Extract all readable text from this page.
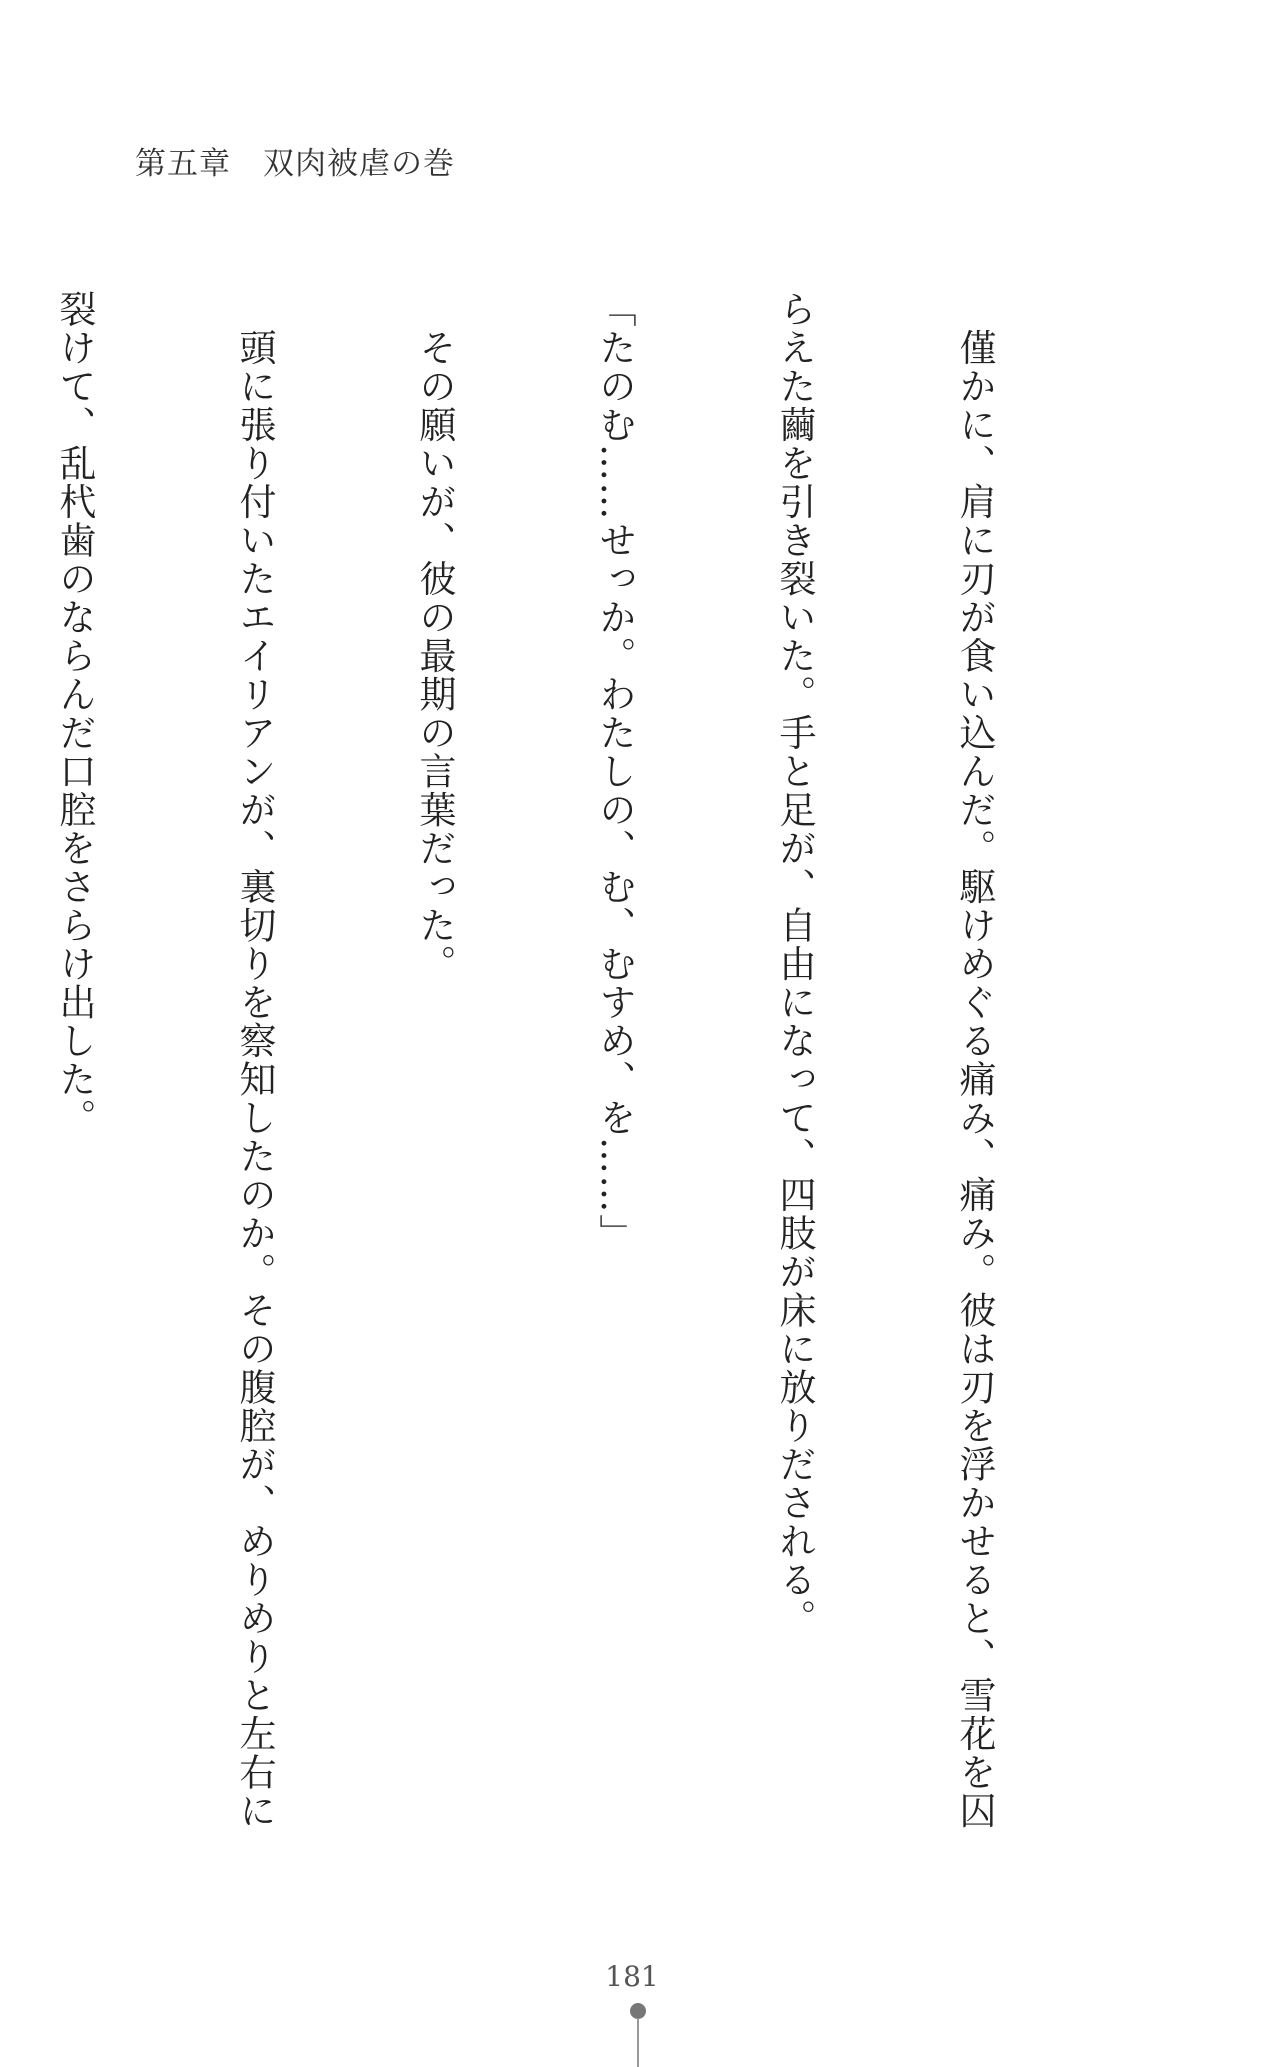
第五章　双肉被虐の巻

　僅かに、肩に刃が食い込んだ。駆けめぐる痛み、痛み。彼は刃を浮かせると、雪花を囚

らえた繭を引き裂いた。手と足が、自由になって、四肢が床に放りだされる。

「たのむ……せっか。わたしの、む、むすめ、を……」

　その願いが、彼の最期の言葉だった。

　頭に張り付いたエイリアンが、裏切りを察知したのか。その腹腔が、めりめりと左右に

裂けて、乱杙歯のならんだ口腔をさらけ出した。

181
